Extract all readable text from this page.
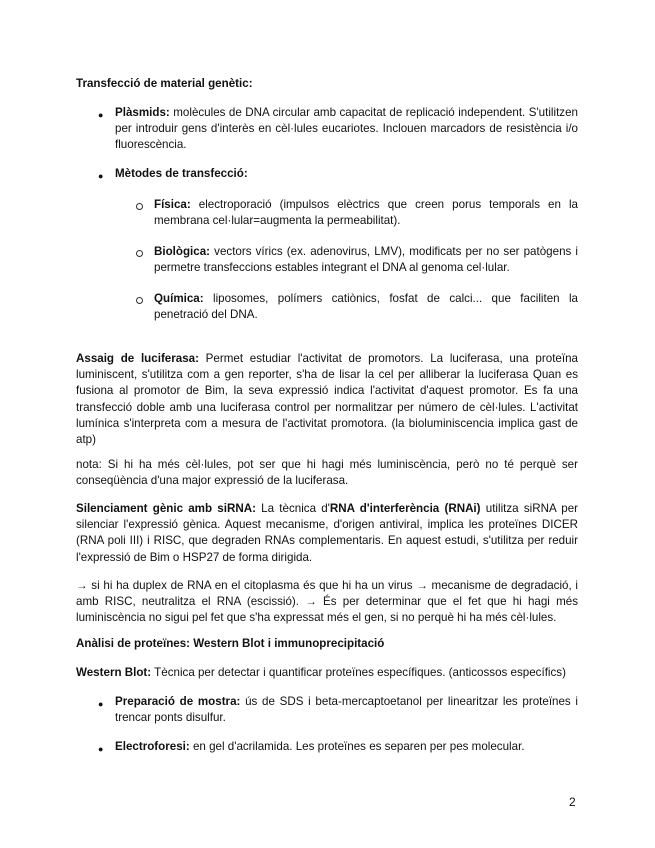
Transfecció de material genètic:

● Plàsmids: molècules de DNA circular amb capacitat de replicació independent. S'utilitzen per introduir gens d'interès en cèl·lules eucariotes. Inclouen marcadors de resistència i/o fluorescència.

● Mètodes de transfecció:

Física: electroporació (impulsos elèctrics que creen porus temporals en la membrana cel·lular=augmenta la permeabilitat).

Biològica: vectors vírics (ex. adenovirus, LMV), modificats per no ser patògens i permetre transfeccions estables integrant el DNA al genoma cel·lular.

Química: liposomes, polímers catiònics, fosfat de calci... que faciliten la penetració del DNA.

Assaig de luciferasa: Permet estudiar l'activitat de promotors. La luciferasa, una proteïna luminiscent, s'utilitza com a gen reporter, s'ha de lisar la cel per alliberar la luciferasa Quan es fusiona al promotor de Bim, la seva expressió indica l'activitat d'aquest promotor. Es fa una transfecció doble amb una luciferasa control per normalitzar per número de cèl·lules. L'activitat lumínica s'interpreta com a mesura de l'activitat promotora. (la bioluminiscencia implica gast de atp)

nota: Si hi ha més cèl·lules, pot ser que hi hagi més luminiscència, però no té perquè ser conseqüència d'una major expressió de la luciferasa.

Silenciament gènic amb siRNA: La tècnica d'RNA d'interferència (RNAi) utilitza siRNA per silenciar l'expressió gènica. Aquest mecanisme, d'origen antiviral, implica les proteïnes DICER (RNA poli III) i RISC, que degraden RNAs complementaris. En aquest estudi, s'utilitza per reduir l'expressió de Bim o HSP27 de forma dirigida.

→ si hi ha duplex de RNA en el citoplasma és que hi ha un virus → mecanisme de degradació, i amb RISC, neutralitza el RNA (escissió). → És per determinar que el fet que hi hagi més luminiscència no sigui pel fet que s'ha expressat més el gen, si no perquè hi ha més cèl·lules.

Anàlisi de proteïnes: Western Blot i immunoprecipitació

Western Blot: Tècnica per detectar i quantificar proteïnes específiques. (anticossos específics)

● Preparació de mostra: ús de SDS i beta-mercaptoetanol per linearitzar les proteïnes i trencar ponts disulfur.

● Electroforesi: en gel d'acrilamida. Les proteïnes es separen per pes molecular.

2
